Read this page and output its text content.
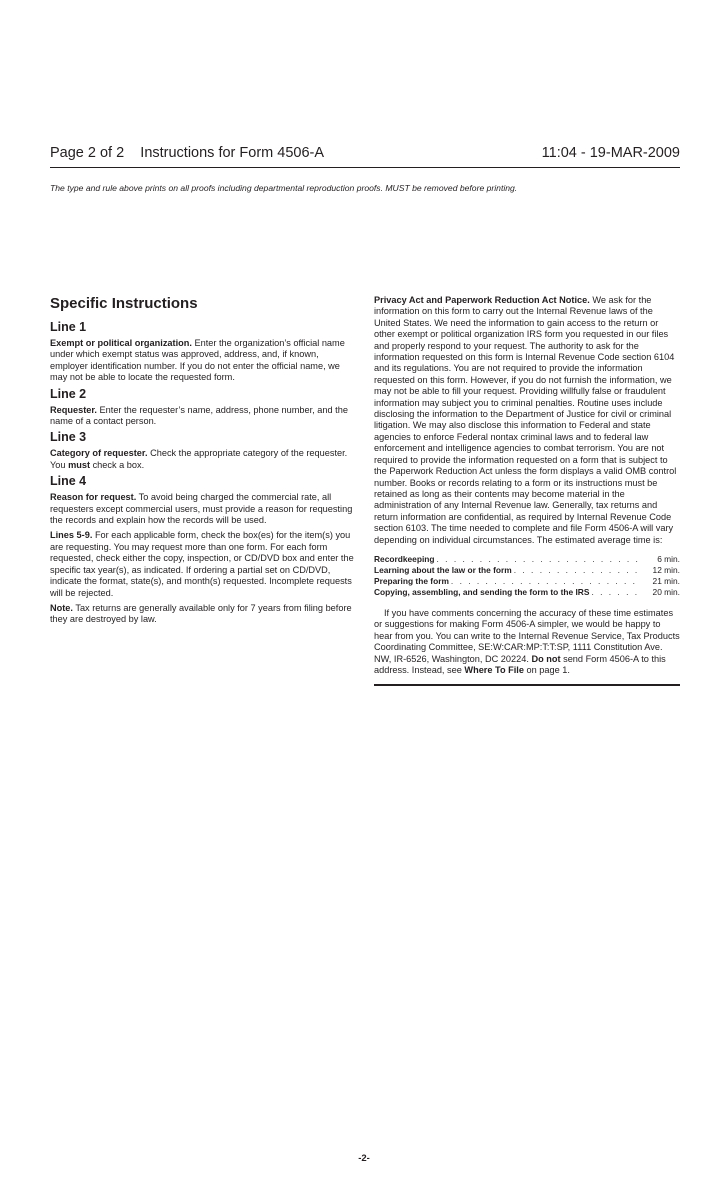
Page 2 of 2    Instructions for Form 4506-A	11:04 - 19-MAR-2009
The type and rule above prints on all proofs including departmental reproduction proofs. MUST be removed before printing.
Specific Instructions
Line 1

Exempt or political organization. Enter the organization’s official name under which exempt status was approved, address, and, if known, employer identification number. If you do not enter the official name, we may not be able to locate the requested form.

Line 2

Requester. Enter the requester’s name, address, phone number, and the name of a contact person.

Line 3

Category of requester. Check the appropriate category of the requester. You must check a box.

Line 4

Reason for request. To avoid being charged the commercial rate, all requesters except commercial users, must provide a reason for requesting the records and explain how the records will be used.

Lines 5-9. For each applicable form, check the box(es) for the item(s) you are requesting. You may request more than one form. For each form requested, check either the copy, inspection, or CD/DVD box and enter the specific tax year(s), as indicated. If ordering a partial set on CD/DVD, indicate the format, state(s), and month(s) requested. Incomplete requests will be rejected.

Note. Tax returns are generally available only for 7 years from filing before they are destroyed by law.

Privacy Act and Paperwork Reduction Act Notice. We ask for the information on this form to carry out the Internal Revenue laws of the United States. We need the information to gain access to the return or other exempt or political organization IRS form you requested in our files and properly respond to your request. The authority to ask for the information requested on this form is Internal Revenue Code section 6104 and its regulations. You are not required to provide the information requested on this form. However, if you do not furnish the information, we may not be able to fill your request. Providing willfully false or fraudulent information may subject you to criminal penalties. Routine uses include disclosing the information to the Department of Justice for civil or criminal litigation. We may also disclose this information to Federal and state agencies to enforce Federal nontax criminal laws and to federal law enforcement and intelligence agencies to combat terrorism. You are not required to provide the information requested on a form that is subject to the Paperwork Reduction Act unless the form displays a valid OMB control number. Books or records relating to a form or its instructions must be retained as long as their contents may become material in the administration of any Internal Revenue law. Generally, tax returns and return information are confidential, as required by Internal Revenue Code section 6103. The time needed to complete and file Form 4506-A will vary depending on individual circumstances. The estimated average time is:

Recordkeeping . . .	6 min.
Learning about the law or the form . . .	12 min.
Preparing the form . . .	21 min.
Copying, assembling, and sending the form to the IRS . . .	20 min.

If you have comments concerning the accuracy of these time estimates or suggestions for making Form 4506-A simpler, we would be happy to hear from you. You can write to the Internal Revenue Service, Tax Products Coordinating Committee, SE:W:CAR:MP:T:T:SP, 1111 Constitution Ave. NW, IR-6526, Washington, DC 20224. Do not send Form 4506-A to this address. Instead, see Where To File on page 1.

-2-
